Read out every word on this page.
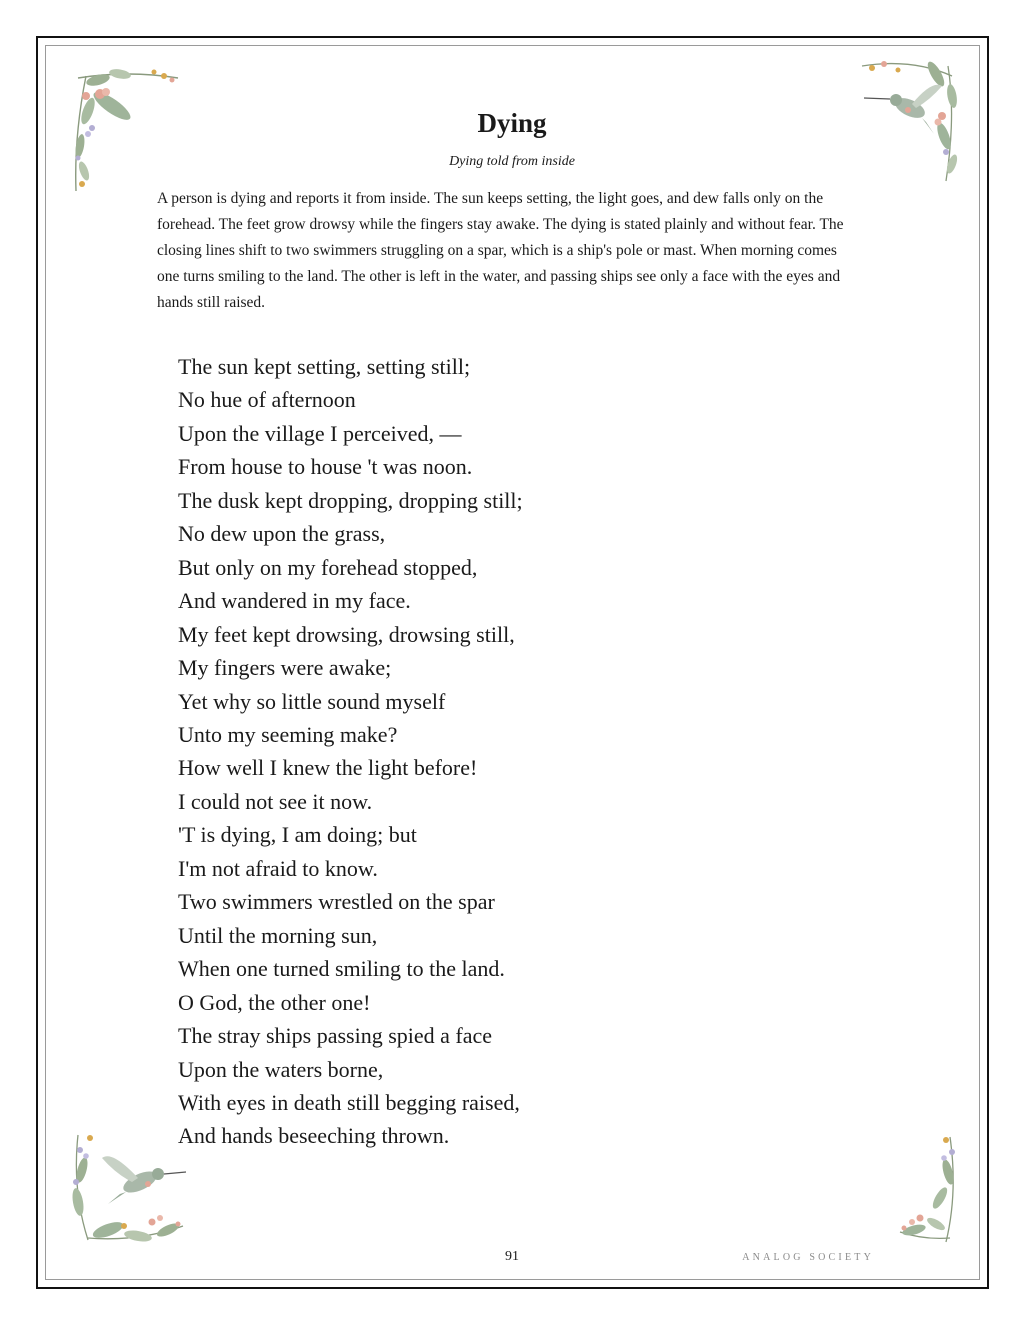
Dying

Dying told from inside

A person is dying and reports it from inside. The sun keeps setting, the light goes, and dew falls only on the forehead. The feet grow drowsy while the fingers stay awake. The dying is stated plainly and without fear. The closing lines shift to two swimmers struggling on a spar, which is a ship's pole or mast. When morning comes one turns smiling to the land. The other is left in the water, and passing ships see only a face with the eyes and hands still raised.

The sun kept setting, setting still;
No hue of afternoon
Upon the village I perceived, —
From house to house 't was noon.
The dusk kept dropping, dropping still;
No dew upon the grass,
But only on my forehead stopped,
And wandered in my face.
My feet kept drowsing, drowsing still,
My fingers were awake;
Yet why so little sound myself
Unto my seeming make?
How well I knew the light before!
I could not see it now.
'T is dying, I am doing; but
I'm not afraid to know.
Two swimmers wrestled on the spar
Until the morning sun,
When one turned smiling to the land.
O God, the other one!
The stray ships passing spied a face
Upon the waters borne,
With eyes in death still begging raised,
And hands beseeching thrown.

91	ANALOG SOCIETY
